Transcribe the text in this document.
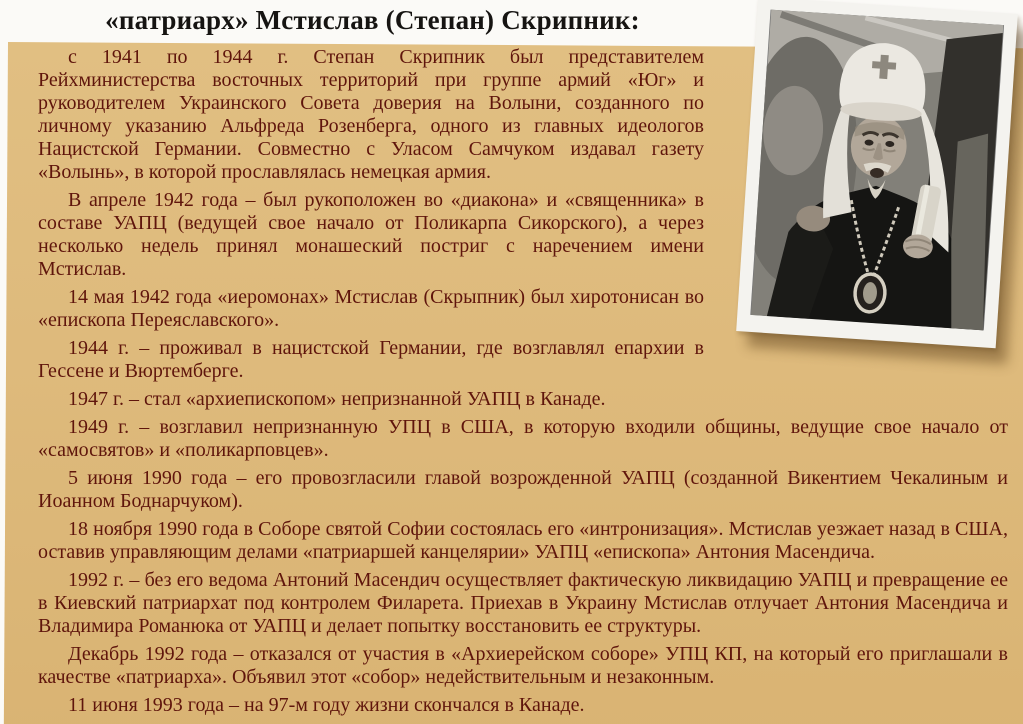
«патриарх» Мстислав (Степан) Скрипник:

с 1941 по 1944 г. Степан Скрипник был представителем Рейхминистерства восточных территорий при группе армий «Юг» и руководителем Украинского Совета доверия на Волыни, созданного по личному указанию Альфреда Розенберга, одного из главных идеологов Нацистской Германии. Совместно с Уласом Самчуком издавал газету «Волынь», в которой прославлялась немецкая армия.

В апреле 1942 года – был рукоположен во «диакона» и «священника» в составе УАПЦ (ведущей свое начало от Поликарпа Сикорского), а через несколько недель принял монашеский постриг с наречением имени Мстислав.

14 мая 1942 года «иеромонах» Мстислав (Скрыпник) был хиротонисан во «епископа Переяславского».

1944 г. – проживал в нацистской Германии, где возглавлял епархии в Гессене и Вюртемберге.

1947 г. – стал «архиепископом» непризнанной УАПЦ в Канаде.

1949 г. – возглавил непризнанную УПЦ в США, в которую входили общины, ведущие свое начало от «самосвятов» и «поликарповцев».

5 июня 1990 года – его провозгласили главой возрожденной УАПЦ (созданной Викентием Чекалиным и Иоанном Боднарчуком).

18 ноября 1990 года в Соборе святой Софии состоялась его «интронизация». Мстислав уезжает назад в США, оставив управляющим делами «патриаршей канцелярии» УАПЦ «епископа» Антония Масендича.

1992 г. – без его ведома Антоний Масендич осуществляет фактическую ликвидацию УАПЦ и превращение ее в Киевский патриархат под контролем Филарета. Приехав в Украину Мстислав отлучает Антония Масендича и Владимира Романюка от УАПЦ и делает попытку восстановить ее структуры.

Декабрь 1992 года – отказался от участия в «Архиерейском соборе» УПЦ КП, на который его приглашали в качестве «патриарха». Объявил этот «собор» недействительным и незаконным.

11 июня 1993 года – на 97-м году жизни скончался в Канаде.
